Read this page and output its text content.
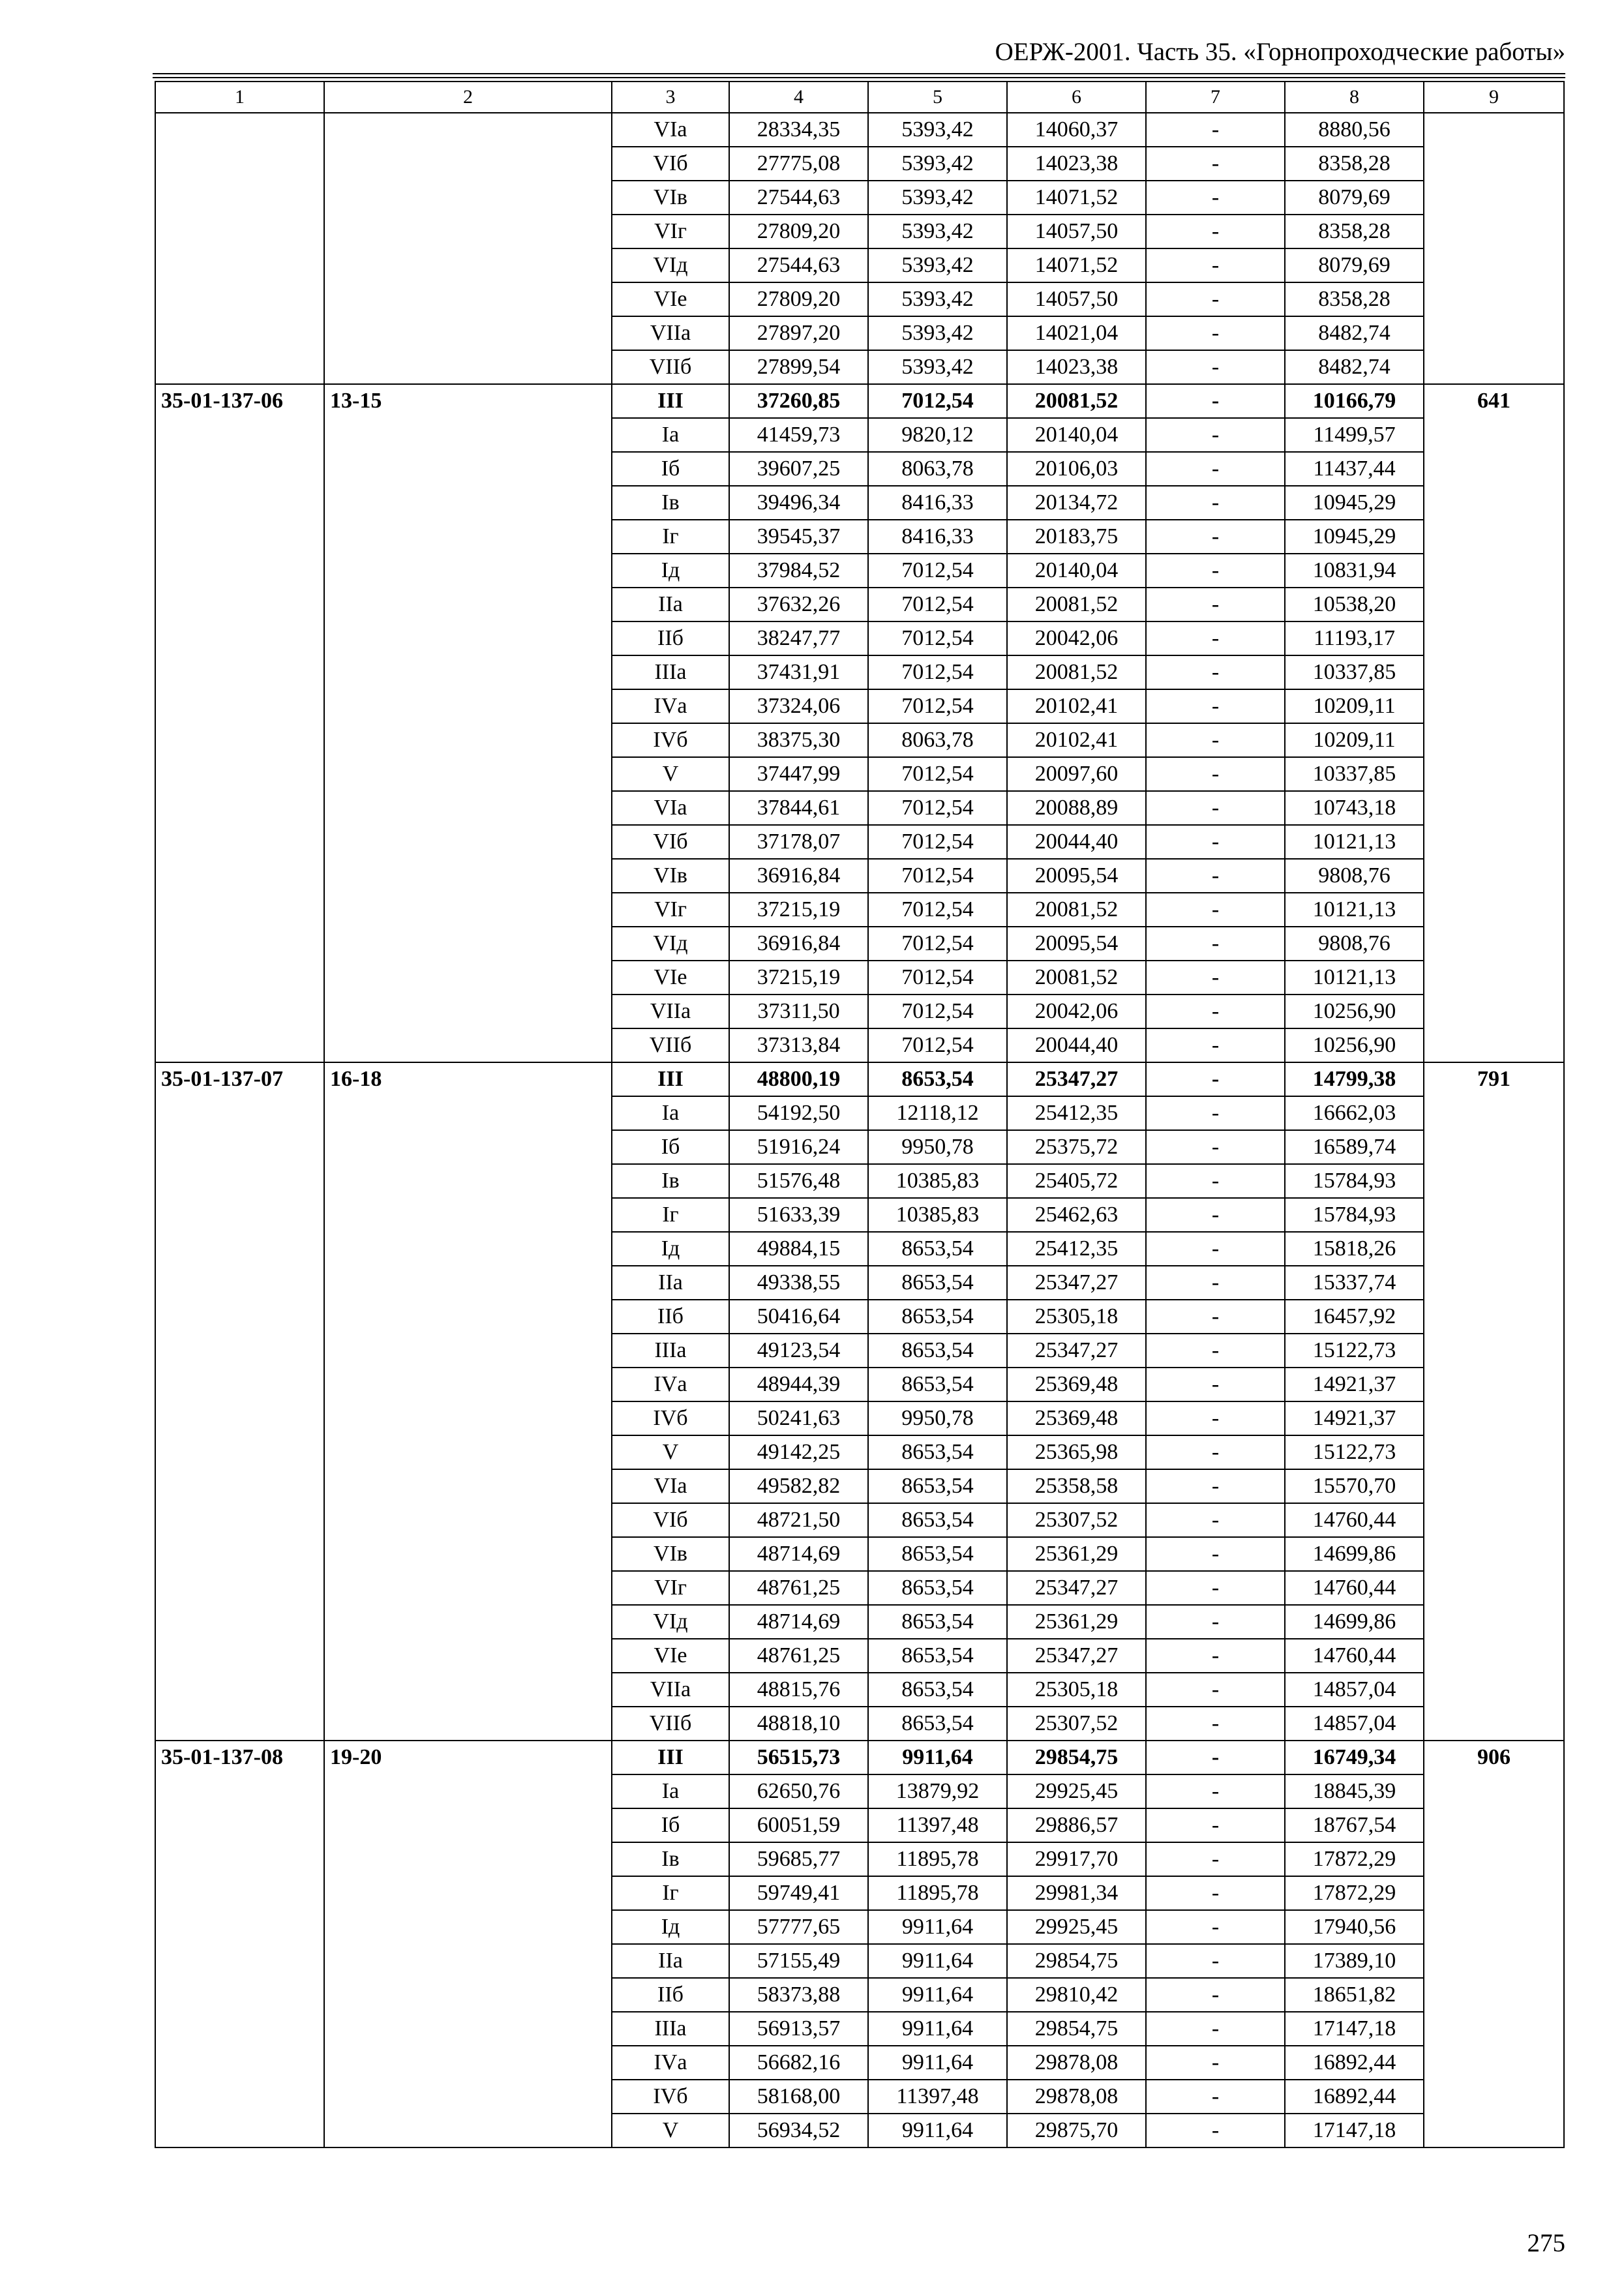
ОЕРЖ-2001. Часть 35. «Горнопроходческие работы»
1	2	3	4	5	6	7	8	9
		VIа	28334,35	5393,42	14060,37	-	8880,56	
		VIб	27775,08	5393,42	14023,38	-	8358,28	
		VIв	27544,63	5393,42	14071,52	-	8079,69	
		VIг	27809,20	5393,42	14057,50	-	8358,28	
		VIд	27544,63	5393,42	14071,52	-	8079,69	
		VIе	27809,20	5393,42	14057,50	-	8358,28	
		VIIа	27897,20	5393,42	14021,04	-	8482,74	
		VIIб	27899,54	5393,42	14023,38	-	8482,74	
35-01-137-06	13-15	III	37260,85	7012,54	20081,52	-	10166,79	641
		Iа	41459,73	9820,12	20140,04	-	11499,57	
		Iб	39607,25	8063,78	20106,03	-	11437,44	
		Iв	39496,34	8416,33	20134,72	-	10945,29	
		Iг	39545,37	8416,33	20183,75	-	10945,29	
		Iд	37984,52	7012,54	20140,04	-	10831,94	
		IIа	37632,26	7012,54	20081,52	-	10538,20	
		IIб	38247,77	7012,54	20042,06	-	11193,17	
		IIIа	37431,91	7012,54	20081,52	-	10337,85	
		IVа	37324,06	7012,54	20102,41	-	10209,11	
		IVб	38375,30	8063,78	20102,41	-	10209,11	
		V	37447,99	7012,54	20097,60	-	10337,85	
		VIа	37844,61	7012,54	20088,89	-	10743,18	
		VIб	37178,07	7012,54	20044,40	-	10121,13	
		VIв	36916,84	7012,54	20095,54	-	9808,76	
		VIг	37215,19	7012,54	20081,52	-	10121,13	
		VIд	36916,84	7012,54	20095,54	-	9808,76	
		VIе	37215,19	7012,54	20081,52	-	10121,13	
		VIIа	37311,50	7012,54	20042,06	-	10256,90	
		VIIб	37313,84	7012,54	20044,40	-	10256,90	
35-01-137-07	16-18	III	48800,19	8653,54	25347,27	-	14799,38	791
		Iа	54192,50	12118,12	25412,35	-	16662,03	
		Iб	51916,24	9950,78	25375,72	-	16589,74	
		Iв	51576,48	10385,83	25405,72	-	15784,93	
		Iг	51633,39	10385,83	25462,63	-	15784,93	
		Iд	49884,15	8653,54	25412,35	-	15818,26	
		IIа	49338,55	8653,54	25347,27	-	15337,74	
		IIб	50416,64	8653,54	25305,18	-	16457,92	
		IIIа	49123,54	8653,54	25347,27	-	15122,73	
		IVа	48944,39	8653,54	25369,48	-	14921,37	
		IVб	50241,63	9950,78	25369,48	-	14921,37	
		V	49142,25	8653,54	25365,98	-	15122,73	
		VIа	49582,82	8653,54	25358,58	-	15570,70	
		VIб	48721,50	8653,54	25307,52	-	14760,44	
		VIв	48714,69	8653,54	25361,29	-	14699,86	
		VIг	48761,25	8653,54	25347,27	-	14760,44	
		VIд	48714,69	8653,54	25361,29	-	14699,86	
		VIе	48761,25	8653,54	25347,27	-	14760,44	
		VIIа	48815,76	8653,54	25305,18	-	14857,04	
		VIIб	48818,10	8653,54	25307,52	-	14857,04	
35-01-137-08	19-20	III	56515,73	9911,64	29854,75	-	16749,34	906
		Iа	62650,76	13879,92	29925,45	-	18845,39	
		Iб	60051,59	11397,48	29886,57	-	18767,54	
		Iв	59685,77	11895,78	29917,70	-	17872,29	
		Iг	59749,41	11895,78	29981,34	-	17872,29	
		Iд	57777,65	9911,64	29925,45	-	17940,56	
		IIа	57155,49	9911,64	29854,75	-	17389,10	
		IIб	58373,88	9911,64	29810,42	-	18651,82	
		IIIа	56913,57	9911,64	29854,75	-	17147,18	
		IVа	56682,16	9911,64	29878,08	-	16892,44	
		IVб	58168,00	11397,48	29878,08	-	16892,44	
		V	56934,52	9911,64	29875,70	-	17147,18	
275
